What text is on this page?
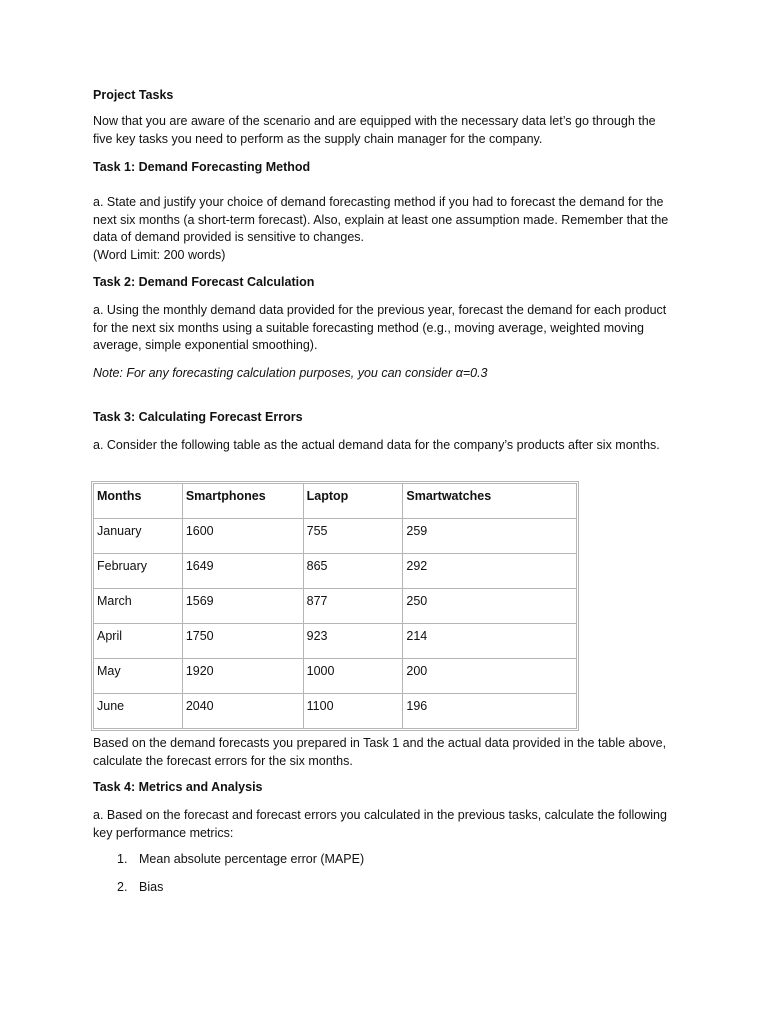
Project Tasks

Now that you are aware of the scenario and are equipped with the necessary data let’s go through the five key tasks you need to perform as the supply chain manager for the company.

Task 1: Demand Forecasting Method

a. State and justify your choice of demand forecasting method if you had to forecast the demand for the next six months (a short-term forecast). Also, explain at least one assumption made. Remember that the data of demand provided is sensitive to changes.

(Word Limit: 200 words)

Task 2: Demand Forecast Calculation

a. Using the monthly demand data provided for the previous year, forecast the demand for each product for the next six months using a suitable forecasting method (e.g., moving average, weighted moving average, simple exponential smoothing).

Note: For any forecasting calculation purposes, you can consider α=0.3

Task 3: Calculating Forecast Errors

a. Consider the following table as the actual demand data for the company’s products after six months.

Months	Smartphones	Laptop	Smartwatches
January	1600	755	259
February	1649	865	292
March	1569	877	250
April	1750	923	214
May	1920	1000	200
June	2040	1100	196

Based on the demand forecasts you prepared in Task 1 and the actual data provided in the table above, calculate the forecast errors for the six months.

Task 4: Metrics and Analysis

a. Based on the forecast and forecast errors you calculated in the previous tasks, calculate the following key performance metrics:

1. Mean absolute percentage error (MAPE)
2. Bias
